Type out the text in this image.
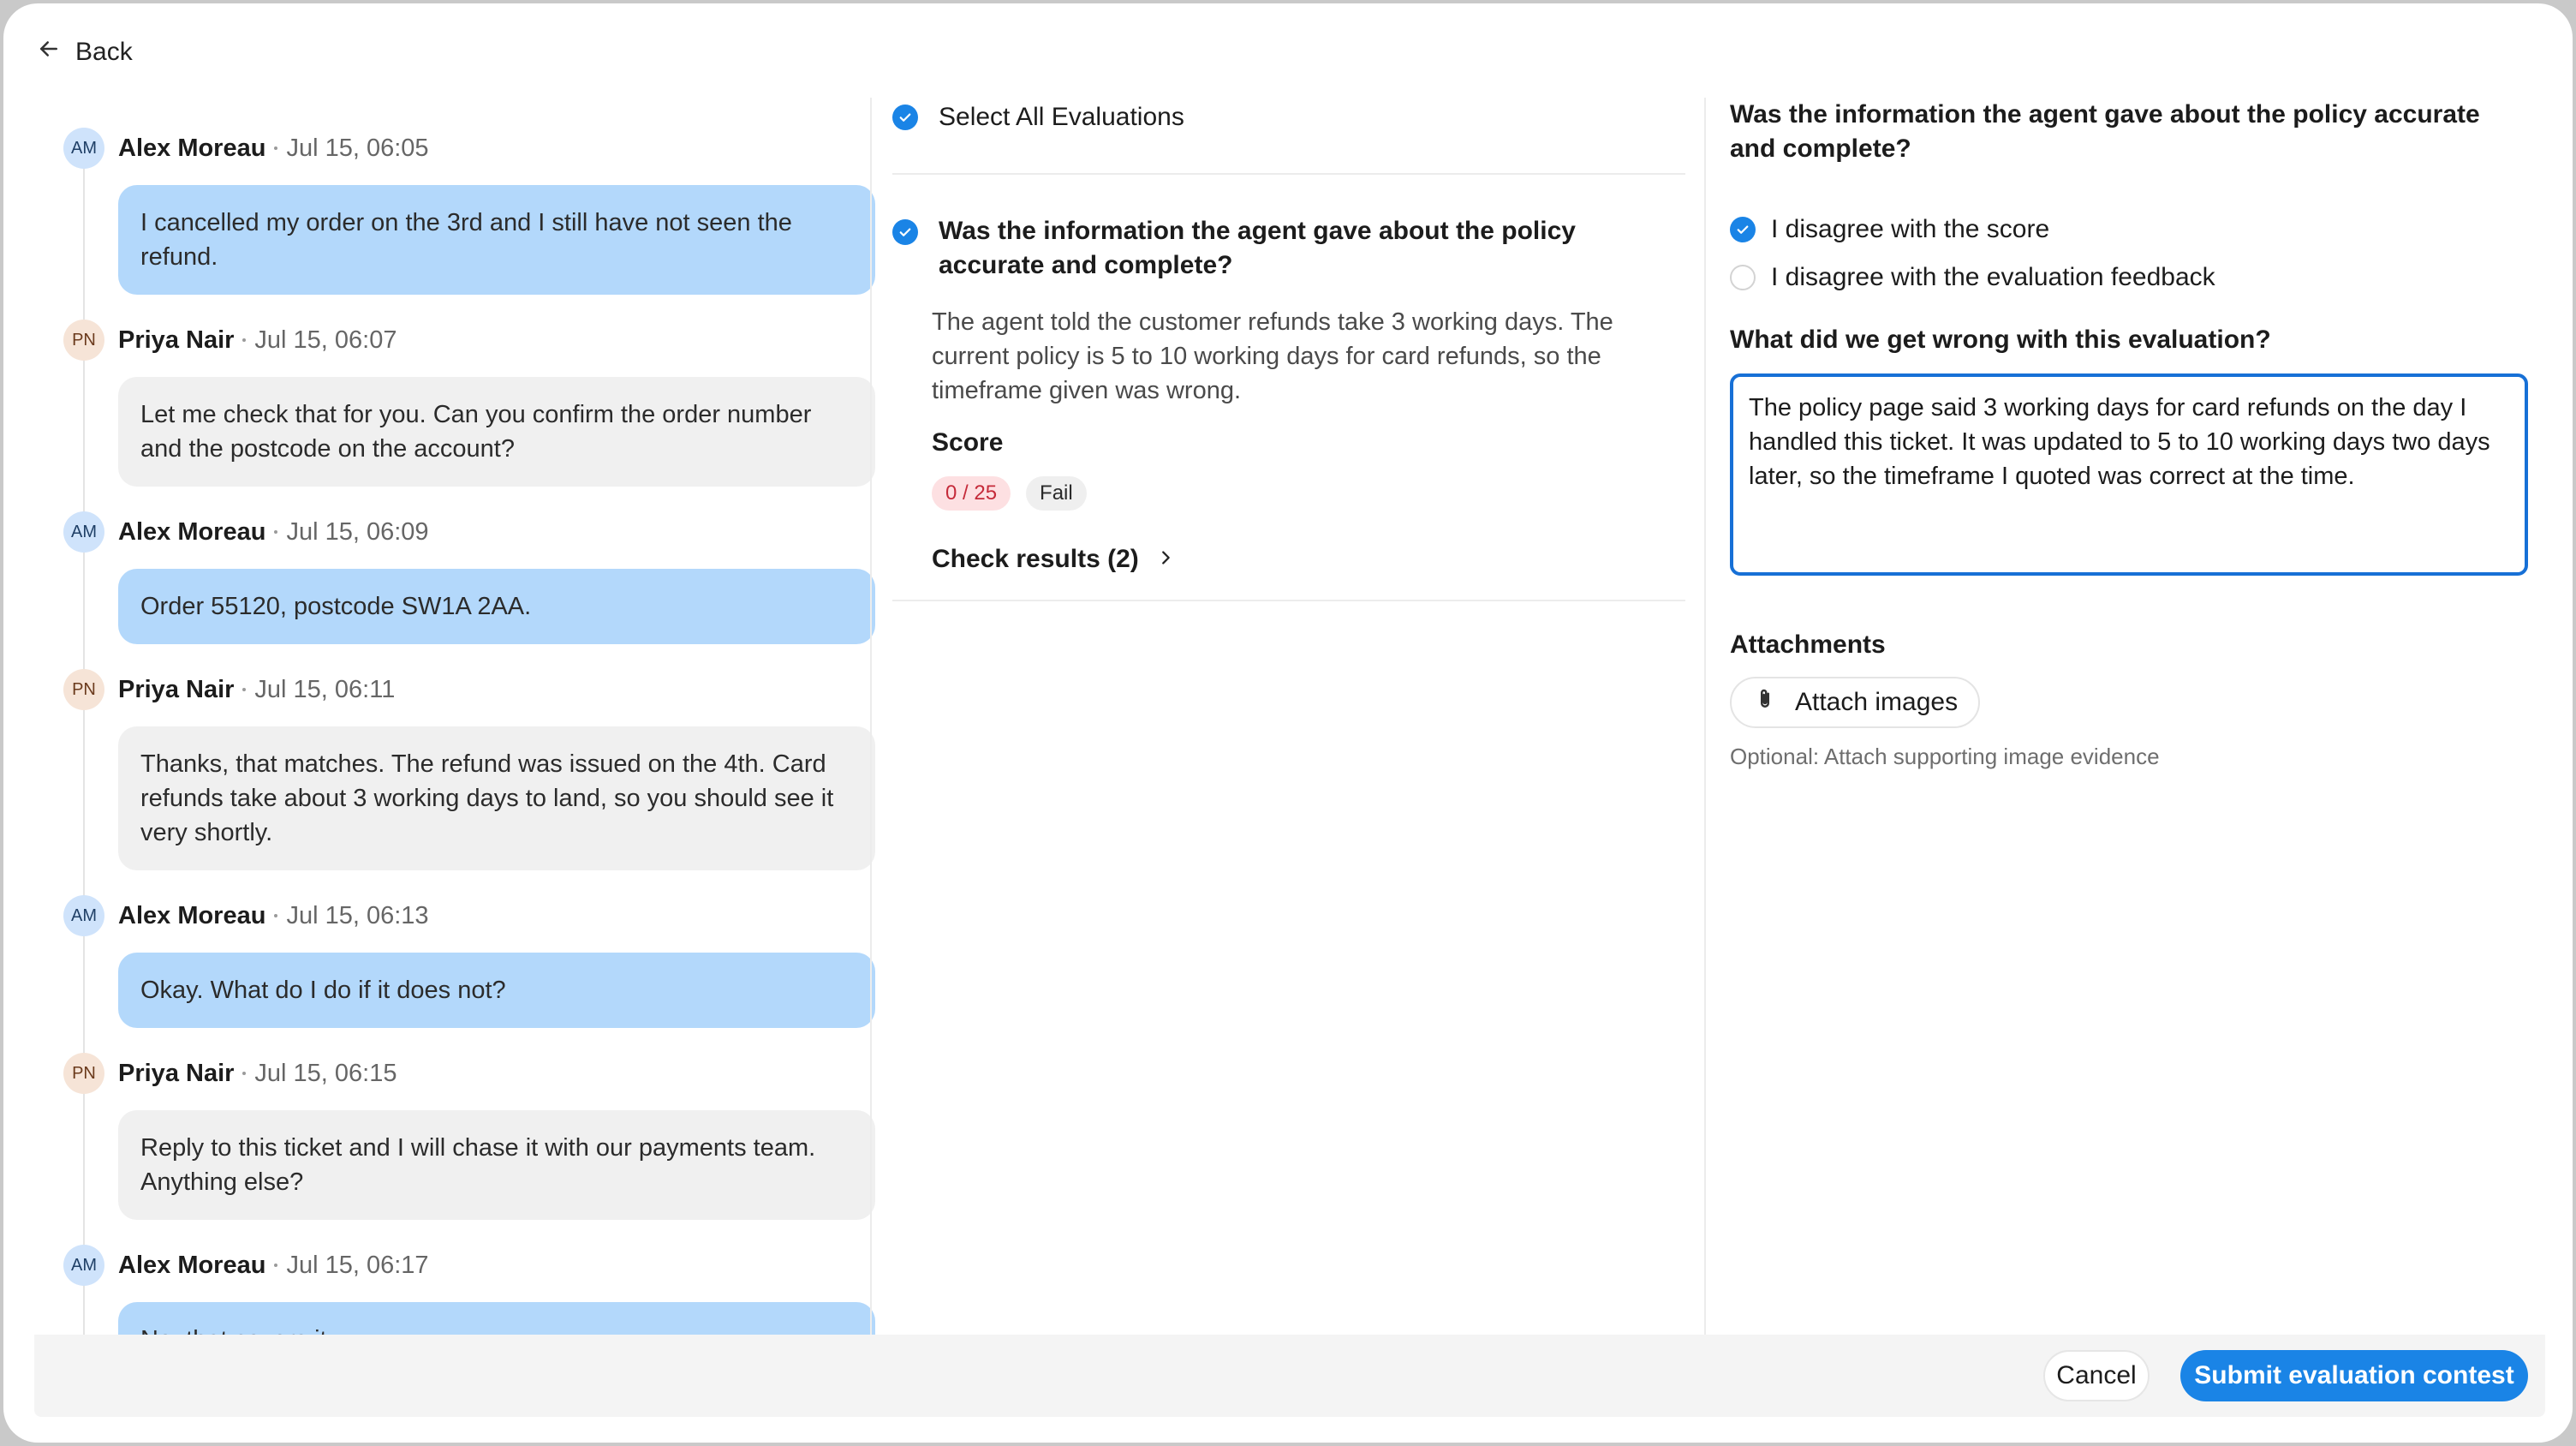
Back
AM Alex Moreau Jul 15, 06:05
I cancelled my order on the 3rd and I still have not seen the refund.
PN Priya Nair Jul 15, 06:07
Let me check that for you. Can you confirm the order number and the postcode on the account?
AM Alex Moreau Jul 15, 06:09
Order 55120, postcode SW1A 2AA.
PN Priya Nair Jul 15, 06:11
Thanks, that matches. The refund was issued on the 4th. Card refunds take about 3 working days to land, so you should see it very shortly.
AM Alex Moreau Jul 15, 06:13
Okay. What do I do if it does not?
PN Priya Nair Jul 15, 06:15
Reply to this ticket and I will chase it with our payments team. Anything else?
AM Alex Moreau Jul 15, 06:17
Select All Evaluations
Was the information the agent gave about the policy accurate and complete?
The agent told the customer refunds take 3 working days. The current policy is 5 to 10 working days for card refunds, so the timeframe given was wrong.
Score
0 / 25	Fail
Check results (2)
Was the information the agent gave about the policy accurate and complete?
I disagree with the score
I disagree with the evaluation feedback
What did we get wrong with this evaluation?
The policy page said 3 working days for card refunds on the day I handled this ticket. It was updated to 5 to 10 working days two days later, so the timeframe I quoted was correct at the time.
Attachments
Attach images
Optional: Attach supporting image evidence
Cancel	Submit evaluation contest
